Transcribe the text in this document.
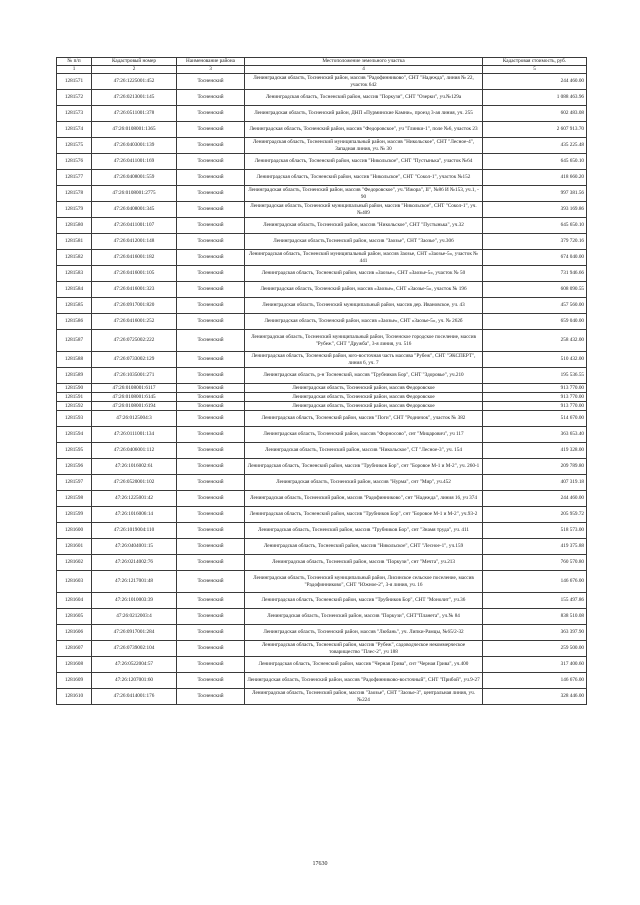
№ п/п	Кадастровый номер	Наименование района	Местоположение земельного участка	Кадастровая стоимость, руб.
1	2	3	4	5
1281571	47:26:1225001:452	Тосненский	Ленинградская область, Тосненский район, массив "Радофинниково", СНТ "Надежда", линия № 22, участок 642	244 460.00
1281572	47:26:0213001:145	Тосненский	Ленинградская область, Тосненский район, массив "Поркузи", СНТ "Озерки", уч.№129а	1 088 463.96
1281573	47:26:0511001:378	Тосненский	Ленинградская область, Тосненский район, ДНП «Пурминские Камни», проезд 3-ая линия, уч. 255	602 483.08
1281574	47:26:0108001:1365	Тосненский	Ленинградская область, Тосненский район, массив "Федоровское", уч "Глинки-1", поле №6, участок 23	2 607 913.70
1281575	47:26:0403001:139	Тосненский	Ленинградская область, Тосненский муниципальный район, массив "Никольское", СНТ "Лесное-4", Западная линия, уч. № 30	435 225.48
1281576	47:26:0411001:169	Тосненский	Ленинградская область, Тосненский район, массив "Никольское", СНТ "Пустынька", участок №64	645 650.10
1281577	47:26:0408001:559	Тосненский	Ленинградская область, Тосненский район, массив "Никольское", СНТ "Сокол-1", участок №152	418 660.20
1281578	47:26:0108001:2775	Тосненский	Ленинградская область, Тосненский район, массив "Федоровское", уч."Ижора", II", №86 И №153, уч.1, - 90	997 381.56
1281579	47:26:0408001:345	Тосненский	Ленинградская область, Тосненский муниципальный район, массив "Никольское", СНТ "Сокол-1", уч.№409	393 169.86
1281580	47:26:0411001:107	Тосненский	Ленинградская область, Тосненский район, массив "Никольское", СНТ "Пустынька", уч.32	645 650.10
1281581	47:26:0412001:148	Тосненский	Ленинградская область,Тосненский район, массив "Заозье", СНТ "Заозье", уч.306	379 720.16
1281582	47:26:0416001:182	Тосненский	Ленинградская область, Тосненский муниципальный район, массив Заозье, СНТ «Заозье-5», участок № 441	674 040.00
1281583	47:26:0416001:105	Тосненский	Ленинградская область, Тосненский район, массив «Заозье», СНТ «Заозье-5», участок № 50	731 946.66
1281584	47:26:0416001:323	Тосненский	Ленинградская область, Тосненский район, массив «Заозье», СНТ «Заозье-5», участок № 196	608 090.55
1281585	47:26:0917001:820	Тосненский	Ленинградская область, Тосненский муниципальный район, массив дер. Ивановское, уч. 43	457 560.00
1281586	47:26:0416001:252	Тосненский	Ленинградская область, Тосненский район, массив «Заозье», СНТ «Заозье-5», уч. № 262б	659 040.00
1281587	47:26:0725002:222	Тосненский	Ленинградская область, Тосненский муниципальный район, Тосненское городское поселение, массив "Рубеж", СНТ "Дружба", 3-я линия, уч. 516	258 432.00
1281588	47:26:0733002:129	Тосненский	Ленинградская область, Тосненский район, юго-восточная часть массива "Рубеж", СНТ "ЭКСПЕРТ", линия 6, уч. 7	510 432.00
1281589	47:26:1035001:271	Тосненский	Ленинградская область, р-н Тосненский, массив "Трубников Бор", СНТ "Здоровье", уч.210	195 536.55
1281590	47:26:0108001:6117	Тосненский	Ленинградская область, Тосненский район, массив Федоровское	913 770.00
1281591	47:26:0108001:6145	Тосненский	Ленинградская область, Тосненский район, массив Федоровское	913 770.00
1281592	47:26:0108001:6194	Тосненский	Ленинградская область, Тосненский район, массив Федоровское	913 770.00
1281593	47:26:0125004:3	Тосненский	Ленинградская область, Тосненский район, массив "Поги", СНТ "Родничок", участок № 382	514 670.00
1281594	47:26:0111001:134	Тосненский	Ленинградская область, Тосненский район, массив "Форносово", снт "Мицарович", уч 117	363 653.40
1281595	47:26:0406001:112	Тосненский	Ленинградская область, Тосненский район, массив "Никольское", СТ "Лесное-3", уч. 154	419 328.00
1281596	47:26:1016002:61	Тосненский	Ленинградская область, Тосненский район, массив "Трубников Бор", снт "Боровое М-1 и М-2", уч. 260-1	209 789.80
1281597	47:26:0520001:102	Тосненский	Ленинградская область, Тосненский район, массив "Нурма", снт "Мир", уч.452	407 319.18
1281598	47:26:1225001:42	Тосненский	Ленинградская область, Тосненский район, массив "Радофинниково", снт "Надежда", линия 16, уч 374	244 460.00
1281599	47:26:1016006:14	Тосненский	Ленинградская область, Тосненский район, массив "Трубников Бор", снт "Боровое М-1 и М-2", уч.93-2	205 959.72
1281600	47:26:1019004:110	Тосненский	Ленинградская область, Тосненский район, массив "Трубников Бор", снт "Знамя труда", уч. 411	518 573.00
1281601	47:26:0404001:15	Тосненский	Ленинградская область, Тосненский район, массив "Никольское", СНТ "Лесное-1", уч.159	419 375.88
1281602	47:26:0214002:76	Тосненский	Ленинградская область, Тосненский район, массив "Поркузи", снт "Мечта", уч.213	760 570.80
1281603	47:26:1217001:48	Тосненский	Ленинградская область, Тосненский муниципальный район, Лисинское сельское поселение, массив "Радофинниково", СНТ "Южное-2", 3-я линия, уч. 16	146 676.00
1281604	47:26:1010003:39	Тосненский	Ленинградская область, Тосненский район, массив "Трубников Бор", СНТ "Монолит", уч.36	155 497.86
1281605	47:26:0212003:4	Тосненский	Ленинградская область, Тосненский район, массив "Поркузи", СНТ"Планета", уч.№ 84	838 510.08
1281606	47:26:0917001:284	Тосненский	Ленинградская область, Тосненский район, массив "Любань", уч. Липки-Рамцы, №65/2-32	363 397.90
1281607	47:26:0739002:104	Тосненский	Ленинградская область, Тосненский район, массив "Рубеж", садоводческое некоммерческое товарищество "Плес-2", уч 188	259 500.00
1281608	47:26:0522004:57	Тосненский	Ленинградская область, Тосненский район, массив "Черная Грива", снт "Черная Грива", уч.400	317 400.60
1281609	47:26:1207001:60	Тосненский	Ленинградская область, Тосненский район, массив "Радофинниково-восточный", СНТ "Прибой", уч.9-27	146 676.00
1281610	47:26:0414001:176	Тосненский	Ленинградская область, Тосненский район, массив "Заозье", СНТ "Заозье-3", центральная линия, уч. №224	328 446.00
17630
